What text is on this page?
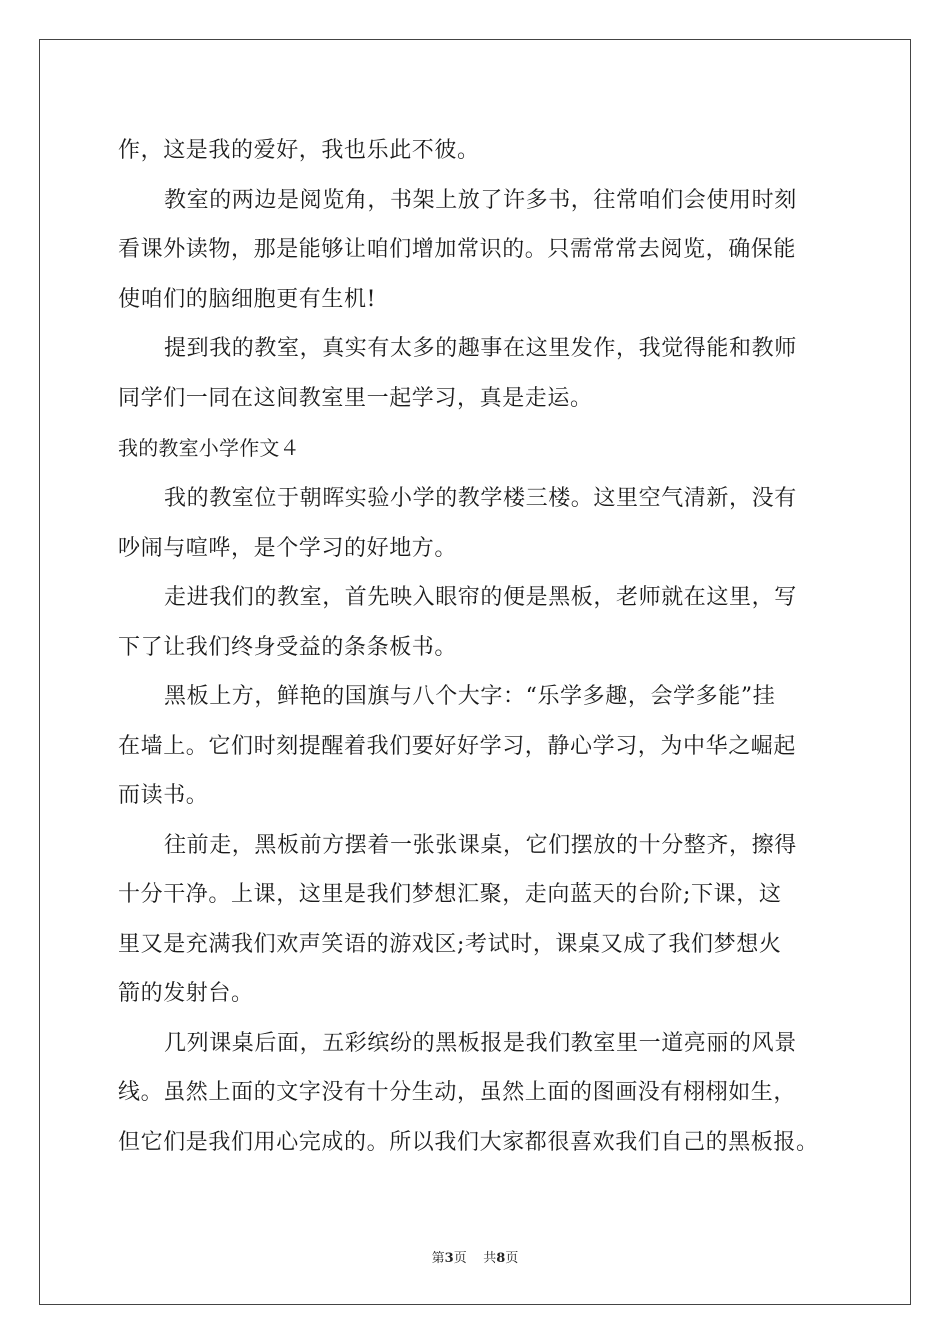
作，这是我的爱好，我也乐此不彼。
教室的两边是阅览角，书架上放了许多书，往常咱们会使用时刻
看课外读物，那是能够让咱们增加常识的。只需常常去阅览，确保能
使咱们的脑细胞更有生机!
提到我的教室，真实有太多的趣事在这里发作，我觉得能和教师
同学们一同在这间教室里一起学习，真是走运。
我的教室小学作文４
我的教室位于朝晖实验小学的教学楼三楼。这里空气清新，没有
吵闹与喧哗，是个学习的好地方。
走进我们的教室，首先映入眼帘的便是黑板，老师就在这里，写
下了让我们终身受益的条条板书。
黑板上方，鲜艳的国旗与八个大字：“乐学多趣，会学多能”挂
在墙上。它们时刻提醒着我们要好好学习，静心学习，为中华之崛起
而读书。
往前走，黑板前方摆着一张张课桌，它们摆放的十分整齐，擦得
十分干净。上课，这里是我们梦想汇聚，走向蓝天的台阶;下课，这
里又是充满我们欢声笑语的游戏区;考试时，课桌又成了我们梦想火
箭的发射台。
几列课桌后面，五彩缤纷的黑板报是我们教室里一道亮丽的风景
线。虽然上面的文字没有十分生动，虽然上面的图画没有栩栩如生，
但它们是我们用心完成的。所以我们大家都很喜欢我们自己的黑板报。
第3页 共8页
